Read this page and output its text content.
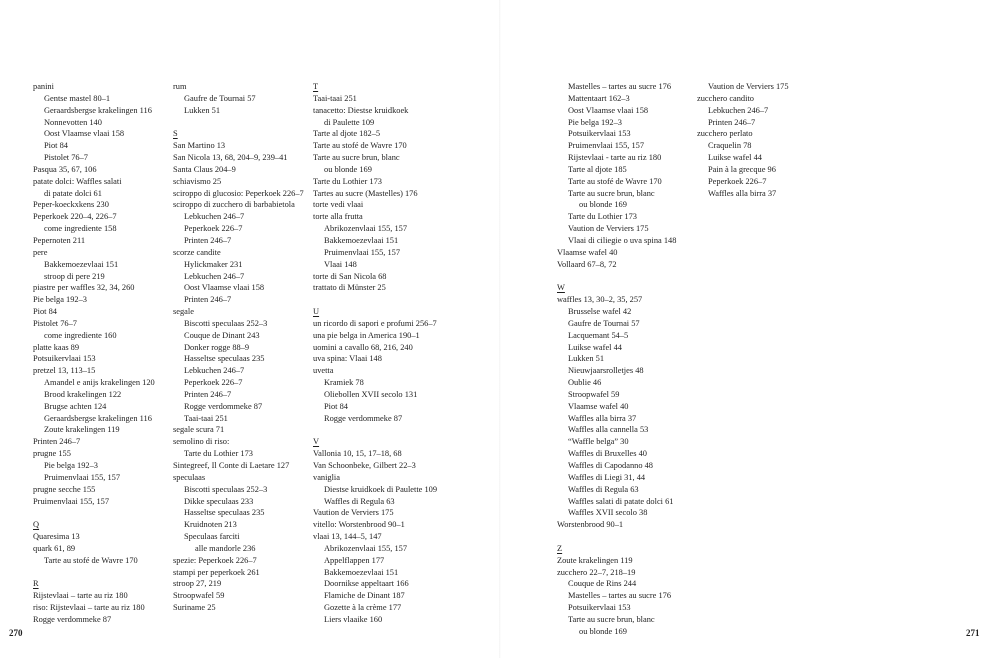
panini
Gentse mastel 80–1
Geraardsbergse krakelingen 116
Nonnevotten 140
Oost Vlaamse vlaai 158
Piot 84
Pistolet 76–7
Pasqua 35, 67, 106
patate dolci: Waffles salati
di patate dolci 61
Peper-koeckxkens 230
Peperkoek 220–4, 226–7
come ingrediente 158
Pepernoten 211
pere
Bakkemoezevlaai 151
stroop di pere 219
piastre per waffles 32, 34, 260
Pie belga 192–3
Piot 84
Pistolet 76–7
come ingrediente 160
platte kaas 89
Potsuikervlaai 153
pretzel 13, 113–15
Amandel e anijs krakelingen 120
Brood krakelingen 122
Brugse achten 124
Geraardsbergse krakelingen 116
Zoute krakelingen 119
Printen 246–7
prugne 155
Pie belga 192–3
Pruimenvlaai 155, 157
prugne secche 155
Pruimenvlaai 155, 157
Q
Quaresima 13
quark 61, 89
Tarte au stofé de Wavre 170
R
Rijstevlaai – tarte au riz 180
riso: Rijstevlaai – tarte au riz 180
Rogge verdommeke 87
rum
Gaufre de Tournai 57
Lukken 51
S
San Martino 13
San Nicola 13, 68, 204–9, 239–41
Santa Claus 204–9
schiavismo 25
sciroppo di glucosio: Peperkoek 226–7
sciroppo di zucchero di barbabietola
Lebkuchen 246–7
Peperkoek 226–7
Printen 246–7
scorze candite
Hylickmaker 231
Lebkuchen 246–7
Oost Vlaamse vlaai 158
Printen 246–7
segale
Biscotti speculaas 252–3
Couque de Dinant 243
Donker rogge 88–9
Hasseltse speculaas 235
Lebkuchen 246–7
Peperkoek 226–7
Printen 246–7
Rogge verdommeke 87
Taai-taai 251
segale scura 71
semolino di riso:
Tarte du Lothier 173
Sintegreef, Il Conte di Laetare 127
speculaas
Biscotti speculaas 252–3
Dikke speculaas 233
Hasseltse speculaas 235
Kruidnoten 213
Speculaas farciti
alle mandorle 236
spezie: Peperkoek 226–7
stampi per peperkoek 261
stroop 27, 219
Stroopwafel 59
Suriname 25
T
Taai-taai 251
tanacetto: Diestse kruidkoek
di Paulette 109
Tarte al djote 182–5
Tarte au stofé de Wavre 170
Tarte au sucre brun, blanc
ou blonde 169
Tarte du Lothier 173
Tartes au sucre (Mastelles) 176
torte vedi vlaai
torte alla frutta
Abrikozenvlaai 155, 157
Bakkemoezevlaai 151
Pruimenvlaai 155, 157
Vlaai 148
torte di San Nicola 68
trattato di Münster 25
U
un ricordo di sapori e profumi 256–7
una pie belga in America 190–1
uomini a cavallo 68, 216, 240
uva spina: Vlaai 148
uvetta
Kramiek 78
Oliebollen XVII secolo 131
Piot 84
Rogge verdommeke 87
V
Vallonia 10, 15, 17–18, 68
Van Schoonbeke, Gilbert 22–3
vaniglia
Diestse kruidkoek di Paulette 109
Waffles di Regula 63
Vaution de Verviers 175
vitello: Worstenbrood 90–1
vlaai 13, 144–5, 147
Abrikozenvlaai 155, 157
Appelflappen 177
Bakkemoezevlaai 151
Doornikse appeltaart 166
Flamiche de Dinant 187
Gozette à la crème 177
Liers vlaaike 160
Mastelles – tartes au sucre 176
Mattentaart 162–3
Oost Vlaamse vlaai 158
Pie belga 192–3
Potsuikervlaai 153
Pruimenvlaai 155, 157
Rijstevlaai - tarte au riz 180
Tarte al djote 185
Tarte au stofé de Wavre 170
Tarte au sucre brun, blanc
ou blonde 169
Tarte du Lothier 173
Vaution de Verviers 175
Vlaai di ciliegie o uva spina 148
Vlaamse wafel 40
Vollaard 67–8, 72
W
waffles 13, 30–2, 35, 257
Brusselse wafel 42
Gaufre de Tournai 57
Lacquemant 54–5
Luikse wafel 44
Lukken 51
Nieuwjaarsrolletjes 48
Oublie 46
Stroopwafel 59
Vlaamse wafel 40
Waffles alla birra 37
Waffles alla cannella 53
“Waffle belga” 30
Waffles di Bruxelles 40
Waffles di Capodanno 48
Waffles di Liegi 31, 44
Waffles di Regula 63
Waffles salati di patate dolci 61
Waffles XVII secolo 38
Worstenbrood 90–1
Z
Zoute krakelingen 119
zucchero 22–7, 218–19
Couque de Rins 244
Mastelles – tartes au sucre 176
Potsuikervlaai 153
Tarte au sucre brun, blanc
ou blonde 169
Vaution de Verviers 175
zucchero candito
Lebkuchen 246–7
Printen 246–7
zucchero perlato
Craquelin 78
Luikse wafel 44
Pain à la grecque 96
Peperkoek 226–7
Waffles alla birra 37
270	271
